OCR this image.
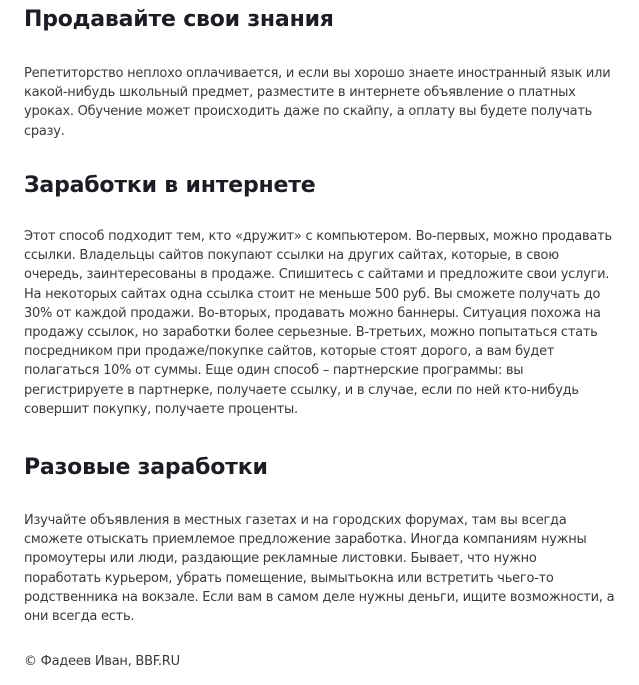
Продавайте свои знания

Репетиторство неплохо оплачивается, и если вы хорошо знаете иностранный язык или какой-нибудь школьный предмет, разместите в интернете объявление о платных уроках. Обучение может происходить даже по скайпу, а оплату вы будете получать сразу.

Заработки в интернете

Этот способ подходит тем, кто «дружит» с компьютером. Во-первых, можно продавать ссылки. Владельцы сайтов покупают ссылки на других сайтах, которые, в свою очередь, заинтересованы в продаже. Спишитесь с сайтами и предложите свои услуги. На некоторых сайтах одна ссылка стоит не меньше 500 руб. Вы сможете получать до 30% от каждой продажи. Во-вторых, продавать можно баннеры. Ситуация похожа на продажу ссылок, но заработки более серьезные. В-третьих, можно попытаться стать посредником при продаже/покупке сайтов, которые стоят дорого, а вам будет полагаться 10% от суммы. Еще один способ – партнерские программы: вы регистрируете в партнерке, получаете ссылку, и в случае, если по ней кто-нибудь совершит покупку, получаете проценты.

Разовые заработки

Изучайте объявления в местных газетах и на городских форумах, там вы всегда сможете отыскать приемлемое предложение заработка. Иногда компаниям нужны промоутеры или люди, раздающие рекламные листовки. Бывает, что нужно поработать курьером, убрать помещение, вымытьокна или встретить чьего-то родственника на вокзале. Если вам в самом деле нужны деньги, ищите возможности, а они всегда есть.

© Фадеев Иван, BBF.RU
